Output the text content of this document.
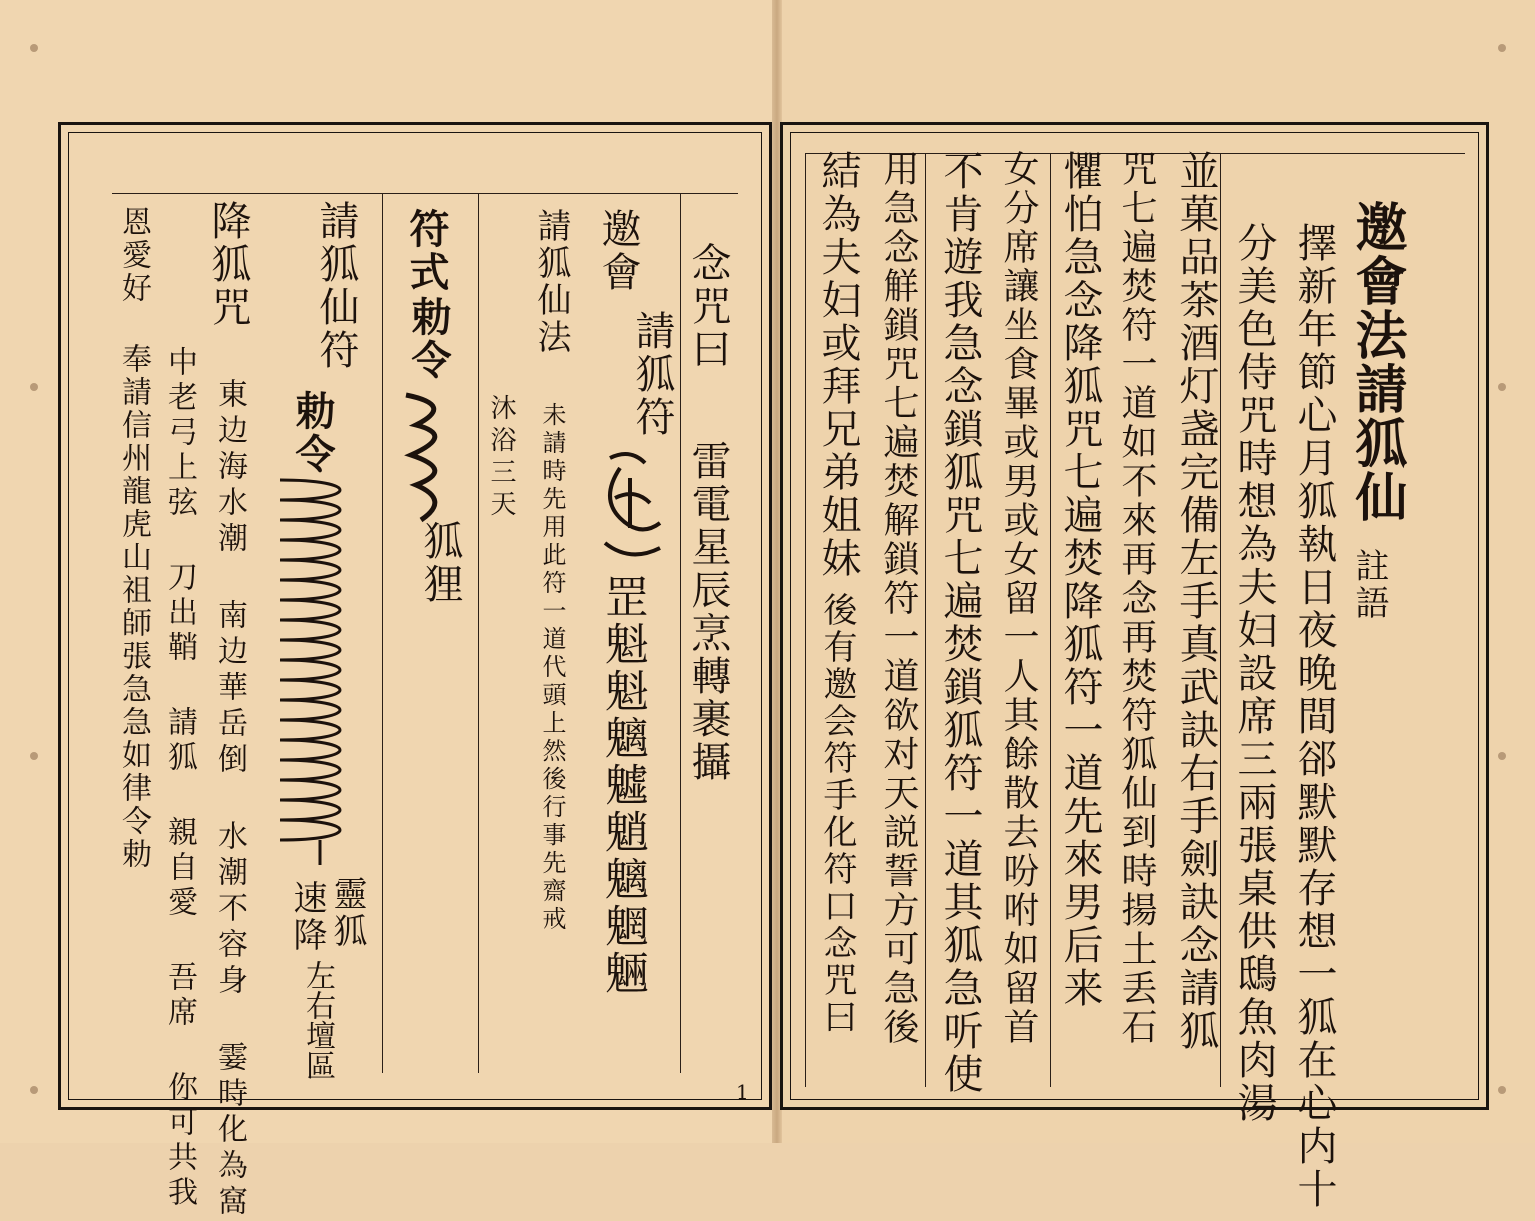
邀會法請狐仙
註語
擇新年節心月狐執日夜晚間郤默默存想一狐在心内十
分美色侍咒時想為夫妇設席三兩張桌供鴟魚肉湯
並菓品茶酒灯盏完備左手真武訣右手劍訣念請狐
咒七遍焚符一道如不來再念再焚符狐仙到時揚土丢石
懼怕急念降狐咒七遍焚降狐符一道先來男后来
女分席讓坐食畢或男或女留一人其餘散去吩咐如留首
不肯遊我急念鎖狐咒七遍焚鎖狐符一道其狐急听使
用急念觧鎖咒七遍焚解鎖符一道欲对天説誓方可急後
結為夫妇或拜兄弟姐妹
後有邀会符手化符口念咒曰
念咒曰
雷電星辰烹轉裹攝
邀會
請狐符
罡魁魁魑魖魈魑魍魎
請狐仙法
沐浴三天 未請時先用此符一道代頭上然後行事先齋戒
符式
勅令
狐狸
請狐仙符
勅令
靈狐
速降
左右壇區
降狐咒
東边海水潮 南边華岳倒 水潮不容身 霎時化為窩
中老弓上弦 刀出鞘 請狐 親自愛 吾席 你可共我
恩愛好 奉請信州龍虎山祖師張急急如律令勅
1
